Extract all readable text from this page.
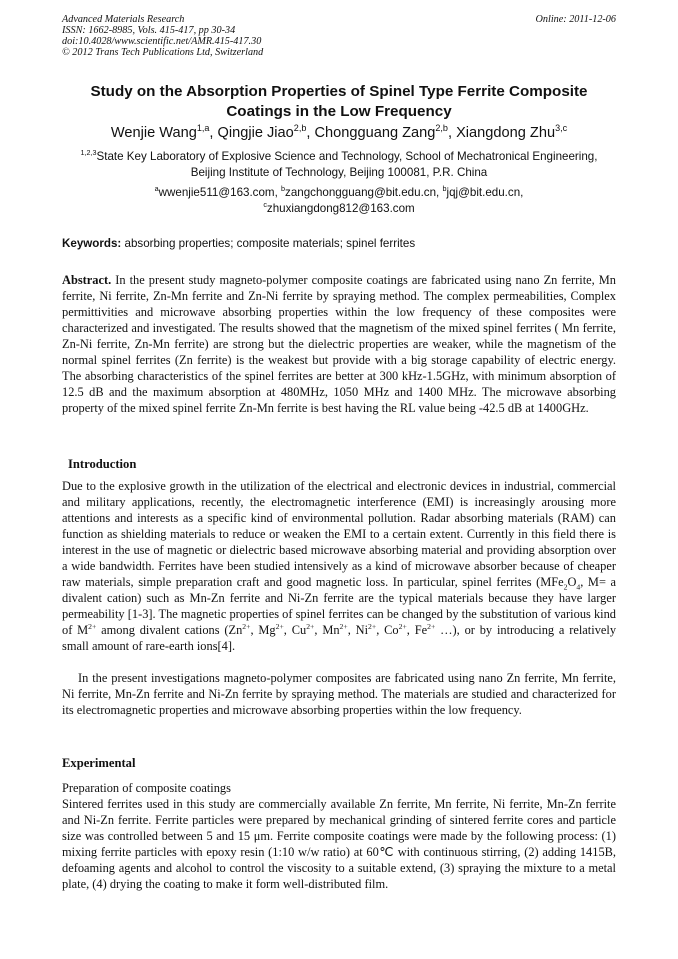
Advanced Materials Research
ISSN: 1662-8985, Vols. 415-417, pp 30-34
doi:10.4028/www.scientific.net/AMR.415-417.30
© 2012 Trans Tech Publications Ltd, Switzerland
Online: 2011-12-06
Study on the Absorption Properties of Spinel Type Ferrite Composite Coatings in the Low Frequency
Wenjie Wang$^{1,a}$, Qingjie Jiao$^{2,b}$, Chongguang Zang$^{2,b}$, Xiangdong Zhu$^{3,c}$
$^{1,2,3}$State Key Laboratory of Explosive Science and Technology, School of Mechatronical Engineering, Beijing Institute of Technology, Beijing 100081, P.R. China
$^a$wwenjie511@163.com, $^b$zangchongguang@bit.edu.cn, $^b$jqj@bit.edu.cn,
$^c$zhuxiangdong812@163.com
Keywords: absorbing properties; composite materials; spinel ferrites
Abstract. In the present study magneto-polymer composite coatings are fabricated using nano Zn ferrite, Mn ferrite, Ni ferrite, Zn-Mn ferrite and Zn-Ni ferrite by spraying method. The complex permeabilities, Complex permittivities and microwave absorbing properties within the low frequency of these composites were characterized and investigated. The results showed that the magnetism of the mixed spinel ferrites ( Mn ferrite, Zn-Ni ferrite, Zn-Mn ferrite) are strong but the dielectric properties are weaker, while the magnetism of the normal spinel ferrites (Zn ferrite) is the weakest but provide with a big storage capability of electric energy. The absorbing characteristics of the spinel ferrites are better at 300 kHz-1.5GHz, with minimum absorption of 12.5 dB and the maximum absorption at 480MHz, 1050 MHz and 1400 MHz. The microwave absorbing property of the mixed spinel ferrite Zn-Mn ferrite is best having the RL value being -42.5 dB at 1400GHz.
Introduction
Due to the explosive growth in the utilization of the electrical and electronic devices in industrial, commercial and military applications, recently, the electromagnetic interference (EMI) is increasingly arousing more attentions and interests as a specific kind of environmental pollution. Radar absorbing materials (RAM) can function as shielding materials to reduce or weaken the EMI to a certain extent. Currently in this field there is interest in the use of magnetic or dielectric based microwave absorbing material and providing absorption over a wide bandwidth. Ferrites have been studied intensively as a kind of microwave absorber because of cheaper raw materials, simple preparation craft and good magnetic loss. In particular, spinel ferrites ($MFe_2O_4$, M= a divalent cation) such as Mn-Zn ferrite and Ni-Zn ferrite are the typical materials because they have larger permeability [1-3]. The magnetic properties of spinel ferrites can be changed by the substitution of various kind of $M^{2+}$ among divalent cations ($Zn^{2+}$, $Mg^{2+}$, $Cu^{2+}$, $Mn^{2+}$, $Ni^{2+}$, $Co^{2+}$, $Fe^{2+}$ …), or by introducing a relatively small amount of rare-earth ions[4].
In the present investigations magneto-polymer composites are fabricated using nano Zn ferrite, Mn ferrite, Ni ferrite, Mn-Zn ferrite and Ni-Zn ferrite by spraying method. The materials are studied and characterized for its electromagnetic properties and microwave absorbing properties within the low frequency.
Experimental
Preparation of composite coatings
Sintered ferrites used in this study are commercially available Zn ferrite, Mn ferrite, Ni ferrite, Mn-Zn ferrite and Ni-Zn ferrite. Ferrite particles were prepared by mechanical grinding of sintered ferrite cores and particle size was controlled between 5 and 15 μm. Ferrite composite coatings were made by the following process: (1) mixing ferrite particles with epoxy resin (1:10 w/w ratio) at 60℃ with continuous stirring, (2) adding 1415B, defoaming agents and alcohol to control the viscosity to a suitable extend, (3) spraying the mixture to a metal plate, (4) drying the coating to make it form well-distributed film.
